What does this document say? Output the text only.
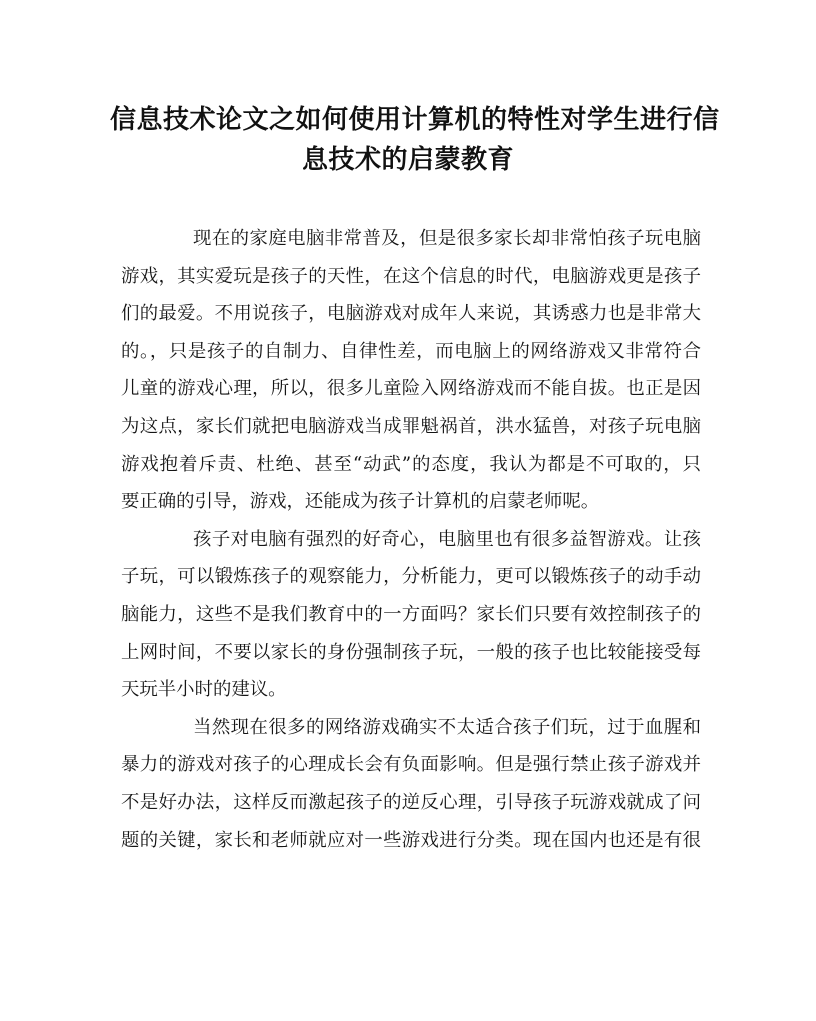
信息技术论文之如何使用计算机的特性对学生进行信
息技术的启蒙教育
现在的家庭电脑非常普及，但是很多家长却非常怕孩子玩电脑
游戏，其实爱玩是孩子的天性，在这个信息的时代，电脑游戏更是孩子
们的最爱。不用说孩子，电脑游戏对成年人来说，其诱惑力也是非常大
的。，只是孩子的自制力、自律性差，而电脑上的网络游戏又非常符合
儿童的游戏心理，所以，很多儿童险入网络游戏而不能自拔。也正是因
为这点，家长们就把电脑游戏当成罪魁祸首，洪水猛兽，对孩子玩电脑
游戏抱着斥责、杜绝、甚至“动武”的态度，我认为都是不可取的，只
要正确的引导，游戏，还能成为孩子计算机的启蒙老师呢。
孩子对电脑有强烈的好奇心，电脑里也有很多益智游戏。让孩
子玩，可以锻炼孩子的观察能力，分析能力，更可以锻炼孩子的动手动
脑能力，这些不是我们教育中的一方面吗？家长们只要有效控制孩子的
上网时间，不要以家长的身份强制孩子玩，一般的孩子也比较能接受每
天玩半小时的建议。
当然现在很多的网络游戏确实不太适合孩子们玩，过于血腥和
暴力的游戏对孩子的心理成长会有负面影响。但是强行禁止孩子游戏并
不是好办法，这样反而激起孩子的逆反心理，引导孩子玩游戏就成了问
题的关键，家长和老师就应对一些游戏进行分类。现在国内也还是有很
